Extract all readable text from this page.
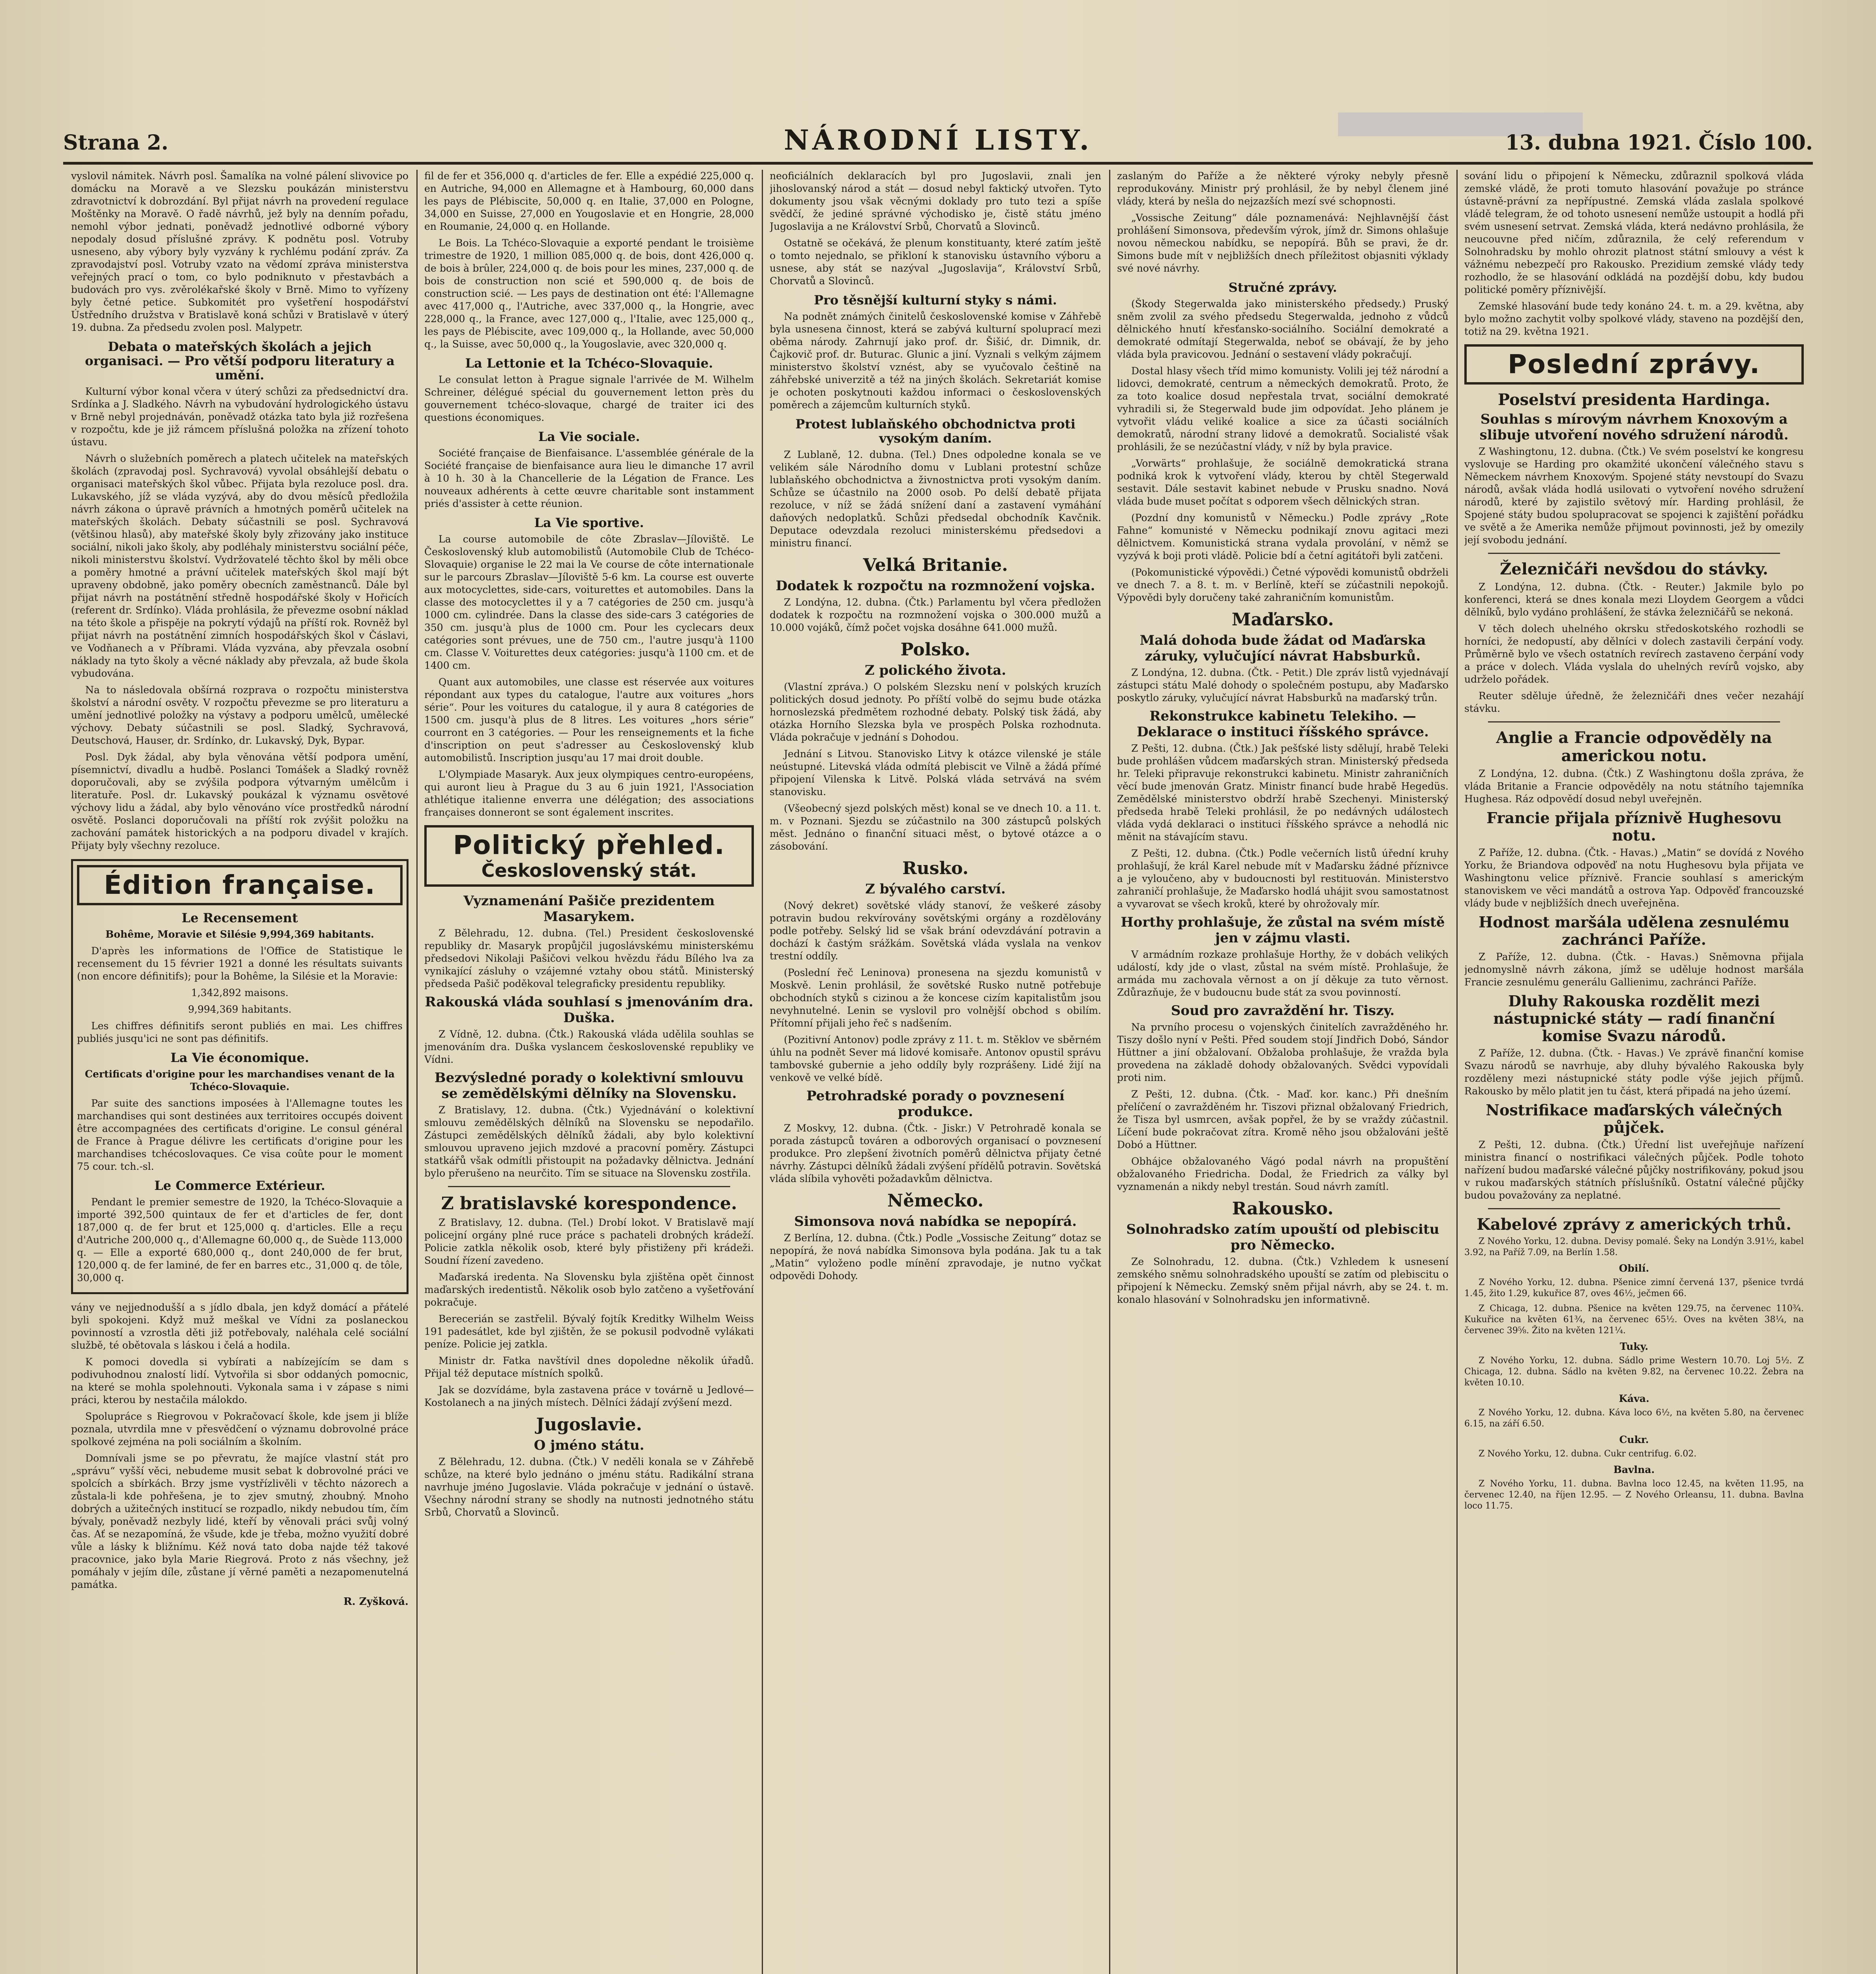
Strana 2.	NÁRODNÍ LISTY.	13. dubna 1921. Číslo 100.

vyslovil námitek. Návrh posl. Šamalíka na volné pálení slivovice po domácku na Moravě a ve Slezsku poukázán ministerstvu zdravotnictví k dobrozdání. Byl přijat návrh na provedení regulace Moštěnky na Moravě. O řadě návrhů, jež byly na denním pořadu, nemohl výbor jednati, poněvadž jednotlivé odborné výbory nepodaly dosud příslušné zprávy. K podnětu posl. Votruby usneseno, aby výbory byly vyzvány k rychlému podání zpráv. Za zpravodajství posl. Votruby vzato na vědomí zpráva ministerstva veřejných prací o tom, co bylo podniknuto v přestavbách a budovách pro vys. zvěrolékařské školy v Brně. Mimo to vyřízeny byly četné petice. Subkomitét pro vyšetření hospodářství Ústředního družstva v Bratislavě koná schůzi v Bratislavě v úterý 19. dubna. Za předsedu zvolen posl. Malypetr.

Debata o mateřských školách a jejich organisaci. — Pro větší podporu literatury a umění.

Kulturní výbor konal včera v úterý schůzi za předsednictví dra. Srdínka a J. Sladkého. Návrh na vybudování hydrologického ústavu v Brně nebyl projednáván, poněvadž otázka tato byla již rozřešena v rozpočtu, kde je již rámcem příslušná položka na zřízení tohoto ústavu.

Návrh o služebních poměrech a platech učitelek na mateřských školách (zpravodaj posl. Sychravová) vyvolal obsáhlejší debatu o organisaci mateřských škol vůbec. Přijata byla rezoluce posl. dra. Lukavského, jíž se vláda vyzývá, aby do dvou měsíců předložila návrh zákona o úpravě právních a hmotných poměrů učitelek na mateřských školách. Debaty súčastnili se posl. Sychravová (většinou hlasů), aby mateřské školy byly zřizovány jako instituce sociální, nikoli jako školy, aby podléhaly ministerstvu sociální péče, nikoli ministerstvu školství. Vydržovatelé těchto škol by měli obce a poměry hmotné a právní učitelek mateřských škol mají být upraveny obdobně, jako poměry obecních zaměstnanců. Dále byl přijat návrh na postátnění středně hospodářské školy v Hořicích (referent dr. Srdínko). Vláda prohlásila, že převezme osobní náklad na této škole a přispěje na pokrytí výdajů na příští rok. Rovněž byl přijat návrh na postátnění zimních hospodářských škol v Čáslavi, ve Vodňanech a v Příbrami. Vláda vyzvána, aby převzala osobní náklady na tyto školy a věcné náklady aby převzala, až bude škola vybudována.

Na to následovala obšírná rozprava o rozpočtu ministerstva školství a národní osvěty. V rozpočtu převezme se pro literaturu a umění jednotlivé položky na výstavy a podporu umělců, umělecké výchovy. Debaty súčastnili se posl. Sladký, Sychravová, Deutschová, Hauser, dr. Srdínko, dr. Lukavský, Dyk, Bypar.

Posl. Dyk žádal, aby byla věnována větší podpora umění, písemnictví, divadlu a hudbě. Poslanci Tomášek a Sladký rovněž doporučovali, aby se zvýšila podpora výtvarným umělcům i literatuře. Posl. dr. Lukavský poukázal k významu osvětové výchovy lidu a žádal, aby bylo věnováno více prostředků národní osvětě. Poslanci doporučovali na příští rok zvýšit položku na zachování památek historických a na podporu divadel v krajích. Přijaty byly všechny rezoluce.

Édition française.
Le Recensement

Bohême, Moravie et Silésie 9,994,369 habitants.

D'après les informations de l'Office de Statistique le recensement du 15 février 1921 a donné les résultats suivants (non encore définitifs); pour la Bohême, la Silésie et la Moravie:

1,342,892 maisons.

9,994,369 habitants.

Les chiffres définitifs seront publiés en mai. Les chiffres publiés jusqu'ici ne sont pas définitifs.

La Vie économique.

Certificats d'origine pour les marchandises venant de la Tchéco-Slovaquie.

Par suite des sanctions imposées à l'Allemagne toutes les marchandises qui sont destinées aux territoires occupés doivent être accompagnées des certificats d'origine. Le consul général de France à Prague délivre les certificats d'origine pour les marchandises tchécoslovaques. Ce visa coûte pour le moment 75 cour. tch.-sl.

Le Commerce Extérieur.

Pendant le premier semestre de 1920, la Tchéco-Slovaquie a importé 392,500 quintaux de fer et d'articles de fer, dont 187,000 q. de fer brut et 125,000 q. d'articles. Elle a reçu d'Autriche 200,000 q., d'Allemagne 60,000 q., de Suède 113,000 q. — Elle a exporté 680,000 q., dont 240,000 de fer brut, 120,000 q. de fer laminé, de fer en barres etc., 31,000 q. de tôle, 30,000 q.

vány ve nejjednodušší a s jídlo dbala, jen když domácí a přátelé byli spokojeni. Když muž meškal ve Vídni za poslaneckou povinností a vzrostla děti již potřebovaly, naléhala celé sociální službě, té obětovala s láskou i čelá a hodila.

K pomoci dovedla si vybírati a nabízejícím se dam s podivuhodnou znalostí lidí. Vytvořila si sbor oddaných pomocnic, na které se mohla spolehnouti. Vykonala sama i v zápase s nimi práci, kterou by nestačila málokdo.

Spolupráce s Riegrovou v Pokračovací škole, kde jsem ji blíže poznala, utvrdila mne v přesvědčení o významu dobrovolné práce spolkové zejména na poli sociálním a školním.

Domnívali jsme se po převratu, že majíce vlastní stát pro „správu“ vyšší věci, nebudeme musit sebat k dobrovolné práci ve spolcích a sbírkách. Brzy jsme vystřízlivěli v těchto názorech a zůstala-li kde pohřešena, je to zjev smutný, zhoubný. Mnoho dobrých a užitečných institucí se rozpadlo, nikdy nebudou tím, čím bývaly, poněvadž nezbyly lidé, kteří by věnovali práci svůj volný čas. Ať se nezapomíná, že všude, kde je třeba, možno využití dobré vůle a lásky k bližnímu. Kéž nová tato doba najde též takové pracovnice, jako byla Marie Riegrová. Proto z nás všechny, jež pomáhaly v jejím díle, zůstane jí věrné paměti a nezapomenutelná památka.

R. Zyšková.

fil de fer et 356,000 q. d'articles de fer. Elle a expédié 225,000 q. en Autriche, 94,000 en Allemagne et à Hambourg, 60,000 dans les pays de Plébiscite, 50,000 q. en Italie, 37,000 en Pologne, 34,000 en Suisse, 27,000 en Yougoslavie et en Hongrie, 28,000 en Roumanie, 24,000 q. en Hollande.

Le Bois. La Tchéco-Slovaquie a exporté pendant le troisième trimestre de 1920, 1 million 085,000 q. de bois, dont 426,000 q. de bois à brûler, 224,000 q. de bois pour les mines, 237,000 q. de bois de construction non scié et 590,000 q. de bois de construction scié. — Les pays de destination ont été: l'Allemagne avec 417,000 q., l'Autriche, avec 337,000 q., la Hongrie, avec 228,000 q., la France, avec 127,000 q., l'Italie, avec 125,000 q., les pays de Plébiscite, avec 109,000 q., la Hollande, avec 50,000 q., la Suisse, avec 50,000 q., la Yougoslavie, avec 320,000 q.

La Lettonie et la Tchéco-Slovaquie.

Le consulat letton à Prague signale l'arrivée de M. Wilhelm Schreiner, délégué spécial du gouvernement letton près du gouvernement tchéco-slovaque, chargé de traiter ici des questions économiques.

La Vie sociale.

Société française de Bienfaisance. L'assemblée générale de la Société française de bienfaisance aura lieu le dimanche 17 avril à 10 h. 30 à la Chancellerie de la Légation de France. Les nouveaux adhérents à cette œuvre charitable sont instamment priés d'assister à cette réunion.

La Vie sportive.

La course automobile de côte Zbraslav—Jíloviště. Le Československý klub automobilistů (Automobile Club de Tchéco-Slovaquie) organise le 22 mai la Ve course de côte internationale sur le parcours Zbraslav—Jíloviště 5-6 km. La course est ouverte aux motocyclettes, side-cars, voiturettes et automobiles. Dans la classe des motocyclettes il y a 7 catégories de 250 cm. jusqu'à 1000 cm. cylindrée. Dans la classe des side-cars 3 catégories de 350 cm. jusqu'à plus de 1000 cm. Pour les cyclecars deux catégories sont prévues, une de 750 cm., l'autre jusqu'à 1100 cm. Classe V. Voiturettes deux catégories: jusqu'à 1100 cm. et de 1400 cm.

Quant aux automobiles, une classe est réservée aux voitures répondant aux types du catalogue, l'autre aux voitures „hors série“. Pour les voitures du catalogue, il y aura 8 catégories de 1500 cm. jusqu'à plus de 8 litres. Les voitures „hors série“ courront en 3 catégories. — Pour les renseignements et la fiche d'inscription on peut s'adresser au Československý klub automobilistů. Inscription jusqu'au 17 mai droit double.

L'Olympiade Masaryk. Aux jeux olympiques centro-européens, qui auront lieu à Prague du 3 au 6 juin 1921, l'Association athlétique italienne enverra une délégation; des associations françaises donneront se sont également inscrites.

Politický přehled.
Československý stát.

Vyznamenání Pašiče prezidentem Masarykem.

Z Bělehradu, 12. dubna. (Tel.) President československé republiky dr. Masaryk propůjčil jugoslávskému ministerskému předsedovi Nikolaji Pašičovi velkou hvězdu řádu Bílého lva za vynikající zásluhy o vzájemné vztahy obou států. Ministerský předseda Pašič poděkoval telegraficky presidentu republiky.

Rakouská vláda souhlasí s jmenováním dra. Duška.

Z Vídně, 12. dubna. (Čtk.) Rakouská vláda udělila souhlas se jmenováním dra. Duška vyslancem československé republiky ve Vídni.

Bezvýsledné porady o kolektivní smlouvu se zemědělskými dělníky na Slovensku.

Z Bratislavy, 12. dubna. (Čtk.) Vyjednávání o kolektivní smlouvu zemědělských dělníků na Slovensku se nepodařilo. Zástupci zemědělských dělníků žádali, aby bylo kolektivní smlouvou upraveno jejich mzdové a pracovní poměry. Zástupci statkářů však odmítli přistoupit na požadavky dělnictva. Jednání bylo přerušeno na neurčito. Tím se situace na Slovensku zostřila.

Z bratislavské korespondence.

Z Bratislavy, 12. dubna. (Tel.) Drobí lokot. V Bratislavě mají policejní orgány plné ruce práce s pachateli drobných krádeží. Policie zatkla několik osob, které byly přistiženy při krádeži. Soudní řízení zavedeno.

Maďarská iredenta. Na Slovensku byla zjištěna opět činnost maďarských iredentistů. Několik osob bylo zatčeno a vyšetřování pokračuje.

Berecerián se zastřelil. Bývalý fojtík Kreditky Wilhelm Weiss 191 padesátlet, kde byl zjištěn, že se pokusil podvodně vylákati peníze. Policie jej zatkla.

Ministr dr. Fatka navštívil dnes dopoledne několik úřadů. Přijal též deputace místních spolků.

Jak se dozvídáme, byla zastavena práce v továrně u Jedlové—Kostolanech a na jiných místech. Dělníci žádají zvýšení mezd.

Jugoslavie.

O jméno státu.

Z Bělehradu, 12. dubna. (Čtk.) V neděli konala se v Záhřebě schůze, na které bylo jednáno o jménu státu. Radikální strana navrhuje jméno Jugoslavie. Vláda pokračuje v jednání o ústavě. Všechny národní strany se shodly na nutnosti jednotného státu Srbů, Chorvatů a Slovinců.

neoficiálních deklaracích byl pro Jugoslavii, znali jen jihoslovanský národ a stát — dosud nebyl faktický utvořen. Tyto dokumenty jsou však věcnými doklady pro tuto tezi a spíše svědčí, že jediné správné východisko je, čistě státu jméno Jugoslavija a ne Království Srbů, Chorvatů a Slovinců.

Ostatně se očekává, že plenum konstituanty, které zatím ještě o tomto nejednalo, se přikloní k stanovisku ústavního výboru a usnese, aby stát se nazýval „Jugoslavija“, Království Srbů, Chorvatů a Slovinců.

Pro těsnější kulturní styky s námi.

Na podnět známých činitelů československé komise v Záhřebě byla usnesena činnost, která se zabývá kulturní spoluprací mezi oběma národy. Zahrnují jako prof. dr. Šišić, dr. Dimnik, dr. Čajkovič prof. dr. Buturac. Glunic a jiní. Vyznali s velkým zájmem ministerstvo školství vznést, aby se vyučovalo češtině na záhřebské univerzitě a též na jiných školách. Sekretariát komise je ochoten poskytnouti každou informaci o československých poměrech a zájemcům kulturních styků.

Protest lublaňského obchodnictva proti vysokým daním.

Z Lublaně, 12. dubna. (Tel.) Dnes odpoledne konala se ve velikém sále Národního domu v Lublani protestní schůze lublaňského obchodnictva a živnostnictva proti vysokým daním. Schůze se účastnilo na 2000 osob. Po delší debatě přijata rezoluce, v níž se žádá snížení daní a zastavení vymáhání daňových nedoplatků. Schůzi předsedal obchodník Kavčnik. Deputace odevzdala rezoluci ministerskému předsedovi a ministru financí.

Velká Britanie.

Dodatek k rozpočtu na rozmnožení vojska.

Z Londýna, 12. dubna. (Čtk.) Parlamentu byl včera předložen dodatek k rozpočtu na rozmnožení vojska o 300.000 mužů a 10.000 vojáků, čímž počet vojska dosáhne 641.000 mužů.

Polsko.

Z polického života.

(Vlastní zpráva.) O polském Slezsku není v polských kruzích politických dosud jednoty. Po příští volbě do sejmu bude otázka hornoslezská předmětem rozhodné debaty. Polský tisk žádá, aby otázka Horního Slezska byla ve prospěch Polska rozhodnuta. Vláda pokračuje v jednání s Dohodou.

Jednání s Litvou. Stanovisko Litvy k otázce vilenské je stále neústupné. Litevská vláda odmítá plebiscit ve Vilně a žádá přímé připojení Vilenska k Litvě. Polská vláda setrvává na svém stanovisku.

(Všeobecný sjezd polských měst) konal se ve dnech 10. a 11. t. m. v Poznani. Sjezdu se zúčastnilo na 300 zástupců polských měst. Jednáno o finanční situaci měst, o bytové otázce a o zásobování.

Rusko.

Z bývalého carství.

(Nový dekret) sovětské vlády stanoví, že veškeré zásoby potravin budou rekvírovány sovětskými orgány a rozdělovány podle potřeby. Selský lid se však brání odevzdávání potravin a dochází k častým srážkám. Sovětská vláda vyslala na venkov trestní oddíly.

(Poslední řeč Leninova) pronesena na sjezdu komunistů v Moskvě. Lenin prohlásil, že sovětské Rusko nutně potřebuje obchodních styků s cizinou a že koncese cizím kapitalistům jsou nevyhnutelné. Lenin se vyslovil pro volnější obchod s obilím. Přítomní přijali jeho řeč s nadšením.

(Pozitivní Antonov) podle zprávy z 11. t. m. Stěklov ve sběrném úhlu na podnět Sever má lidové komisaře. Antonov opustil správu tambovské gubernie a jeho oddíly byly rozprášeny. Lidé žijí na venkově ve velké bídě.

Petrohradské porady o povznesení produkce.

Z Moskvy, 12. dubna. (Čtk. - Jiskr.) V Petrohradě konala se porada zástupců továren a odborových organisací o povznesení produkce. Pro zlepšení životních poměrů dělnictva přijaty četné návrhy. Zástupci dělníků žádali zvýšení přídělů potravin. Sovětská vláda slíbila vyhověti požadavkům dělnictva.

Německo.

Simonsova nová nabídka se nepopírá.

Z Berlína, 12. dubna. (Čtk.) Podle „Vossische Zeitung“ dotaz se nepopírá, že nová nabídka Simonsova byla podána. Jak tu a tak „Matin“ vyloženo podle mínění zpravodaje, je nutno vyčkat odpovědi Dohody.

zaslaným do Paříže a že některé výroky nebyly přesně reprodukovány. Ministr prý prohlásil, že by nebyl členem jiné vlády, která by nešla do nejzazších mezí své schopnosti.

„Vossische Zeitung“ dále poznamenává: Nejhlavnější část prohlášení Simonsova, především výrok, jímž dr. Simons ohlašuje novou německou nabídku, se nepopírá. Bůh se pravi, že dr. Simons bude mít v nejbližších dnech příležitost objasniti výklady své nové návrhy.

Stručné zprávy.

(Škody Stegerwalda jako ministerského předsedy.) Pruský sněm zvolil za svého předsedu Stegerwalda, jednoho z vůdců dělnického hnutí křesťansko-sociálního. Sociální demokraté a demokraté odmítají Stegerwalda, neboť se obávají, že by jeho vláda byla pravicovou. Jednání o sestavení vlády pokračují.

Dostal hlasy všech tříd mimo komunisty. Volili jej též národní a lidovci, demokraté, centrum a německých demokratů. Proto, že za toto koalice dosud nepřestala trvat, sociální demokraté vyhradili si, že Stegerwald bude jim odpovídat. Jeho plánem je vytvořit vládu veliké koalice a sice za účasti sociálních demokratů, národní strany lidové a demokratů. Socialisté však prohlásili, že se nezúčastní vlády, v níž by byla pravice.

„Vorwärts“ prohlašuje, že sociálně demokratická strana podniká krok k vytvoření vlády, kterou by chtěl Stegerwald sestavit. Dále sestavit kabinet nebude v Prusku snadno. Nová vláda bude muset počítat s odporem všech dělnických stran.

(Pozdní dny komunistů v Německu.) Podle zprávy „Rote Fahne“ komunisté v Německu podnikají znovu agitaci mezi dělnictvem. Komunistická strana vydala provolání, v němž se vyzývá k boji proti vládě. Policie bdí a četní agitátoři byli zatčeni.

(Pokomunistické výpovědi.) Četné výpovědi komunistů obdrželi ve dnech 7. a 8. t. m. v Berlíně, kteří se zúčastnili nepokojů. Výpovědi byly doručeny také zahraničním komunistům.

Maďarsko.

Malá dohoda bude žádat od Maďarska záruky, vylučující návrat Habsburků.

Z Londýna, 12. dubna. (Čtk. - Petit.) Dle zpráv listů vyjednávají zástupci státu Malé dohody o společném postupu, aby Maďarsko poskytlo záruky, vylučující návrat Habsburků na maďarský trůn.

Rekonstrukce kabinetu Telekiho. — Deklarace o instituci říšského správce.

Z Pešti, 12. dubna. (Čtk.) Jak pešťské listy sdělují, hrabě Teleki bude prohlášen vůdcem maďarských stran. Ministerský předseda hr. Teleki připravuje rekonstrukci kabinetu. Ministr zahraničních věcí bude jmenován Gratz. Ministr financí bude hrabě Hegedüs. Zemědělské ministerstvo obdrží hrabě Szechenyi. Ministerský předseda hrabě Teleki prohlásil, že po nedávných událostech vláda vydá deklaraci o instituci říšského správce a nehodlá nic měnit na stávajícím stavu.

Z Pešti, 12. dubna. (Čtk.) Podle večerních listů úřední kruhy prohlašují, že král Karel nebude mít v Maďarsku žádné příznivce a je vyloučeno, aby v budoucnosti byl restituován. Ministerstvo zahraničí prohlašuje, že Maďarsko hodlá uhájit svou samostatnost a vyvarovat se všech kroků, které by ohrožovaly mír.

Horthy prohlašuje, že zůstal na svém místě jen v zájmu vlasti.

V armádním rozkaze prohlašuje Horthy, že v dobách velikých událostí, kdy jde o vlast, zůstal na svém místě. Prohlašuje, že armáda mu zachovala věrnost a on jí děkuje za tuto věrnost. Zdůrazňuje, že v budoucnu bude stát za svou povinností.

Soud pro zavraždění hr. Tiszy.

Na prvního procesu o vojenských činitelích zavražděného hr. Tiszy došlo nyní v Pešti. Před soudem stojí Jindřich Dobó, Sándor Hüttner a jiní obžalovaní. Obžaloba prohlašuje, že vražda byla provedena na základě dohody obžalovaných. Svědci vypovídali proti nim.

Z Pešti, 12. dubna. (Čtk. - Maď. kor. kanc.) Při dnešním přelíčení o zavražděném hr. Tiszovi přiznal obžalovaný Friedrich, že Tisza byl usmrcen, avšak popřel, že by se vraždy zúčastnil. Líčení bude pokračovat zítra. Kromě něho jsou obžalováni ještě Dobó a Hüttner.

Obhájce obžalovaného Vágó podal návrh na propuštění obžalovaného Friedricha. Dodal, že Friedrich za války byl vyznamenán a nikdy nebyl trestán. Soud návrh zamítl.

Rakousko.

Solnohradsko zatím upouští od plebiscitu pro Německo.

Ze Solnohradu, 12. dubna. (Čtk.) Vzhledem k usnesení zemského sněmu solnohradského upouští se zatím od plebiscitu o připojení k Německu. Zemský sněm přijal návrh, aby se 24. t. m. konalo hlasování v Solnohradsku jen informativně.

sování lidu o připojení k Německu, zdůraznil spolková vláda zemské vládě, že proti tomuto hlasování považuje po stránce ústavně-právní za nepřípustné. Zemská vláda zaslala spolkové vládě telegram, že od tohoto usnesení nemůže ustoupit a hodlá při svém usnesení setrvat. Zemská vláda, která nedávno prohlásila, že neucouvne před ničím, zdůraznila, že celý referendum v Solnohradsku by mohlo ohrozit platnost státní smlouvy a vést k vážnému nebezpečí pro Rakousko. Prezidium zemské vlády tedy rozhodlo, že se hlasování odkládá na pozdější dobu, kdy budou politické poměry příznivější.

Zemské hlasování bude tedy konáno 24. t. m. a 29. května, aby bylo možno zachytit volby spolkové vlády, staveno na pozdější den, totiž na 29. května 1921.

Poslední zprávy.

Poselství presidenta Hardinga.

Souhlas s mírovým návrhem Knoxovým a slibuje utvoření nového sdružení národů.

Z Washingtonu, 12. dubna. (Čtk.) Ve svém poselství ke kongresu vyslovuje se Harding pro okamžité ukončení válečného stavu s Německem návrhem Knoxovým. Spojené státy nevstoupí do Svazu národů, avšak vláda hodlá usilovati o vytvoření nového sdružení národů, které by zajistilo světový mír. Harding prohlásil, že Spojené státy budou spolupracovat se spojenci k zajištění pořádku ve světě a že Amerika nemůže přijmout povinnosti, jež by omezily její svobodu jednání.

Železničáři nevšdou do stávky.

Z Londýna, 12. dubna. (Čtk. - Reuter.) Jakmile bylo po konferenci, která se dnes konala mezi Lloydem Georgem a vůdci dělníků, bylo vydáno prohlášení, že stávka železničářů se nekoná.

V těch dolech uhelného okrsku středoskotského rozhodli se horníci, že nedopustí, aby dělníci v dolech zastavili čerpání vody. Průměrně bylo ve všech ostatních revírech zastaveno čerpání vody a práce v dolech. Vláda vyslala do uhelných revírů vojsko, aby udrželo pořádek.

Reuter sděluje úředně, že železničáři dnes večer nezahájí stávku.

Anglie a Francie odpověděly na americkou notu.

Z Londýna, 12. dubna. (Čtk.) Z Washingtonu došla zpráva, že vláda Britanie a Francie odpověděly na notu státního tajemníka Hughesa. Ráz odpovědí dosud nebyl uveřejněn.

Francie přijala příznivě Hughesovu notu.

Z Paříže, 12. dubna. (Čtk. - Havas.) „Matin“ se dovídá z Nového Yorku, že Briandova odpověď na notu Hughesovu byla přijata ve Washingtonu velice příznivě. Francie souhlasí s americkým stanoviskem ve věci mandátů a ostrova Yap. Odpověď francouzské vlády bude v nejbližších dnech uveřejněna.

Hodnost maršála udělena zesnulému zachránci Paříže.

Z Paříže, 12. dubna. (Čtk. - Havas.) Sněmovna přijala jednomyslně návrh zákona, jímž se uděluje hodnost maršála Francie zesnulému generálu Gallienimu, zachránci Paříže.

Dluhy Rakouska rozdělit mezi nástupnické státy — radí finanční komise Svazu národů.

Z Paříže, 12. dubna. (Čtk. - Havas.) Ve zprávě finanční komise Svazu národů se navrhuje, aby dluhy bývalého Rakouska byly rozděleny mezi nástupnické státy podle výše jejich příjmů. Rakousko by mělo platit jen tu část, která připadá na jeho území.

Nostrifikace maďarských válečných půjček.

Z Pešti, 12. dubna. (Čtk.) Úřední list uveřejňuje nařízení ministra financí o nostrifikaci válečných půjček. Podle tohoto nařízení budou maďarské válečné půjčky nostrifikovány, pokud jsou v rukou maďarských státních příslušníků. Ostatní válečné půjčky budou považovány za neplatné.

Kabelové zprávy z amerických trhů.

Z Nového Yorku, 12. dubna. Devisy pomalé. Šeky na Londýn 3.91½, kabel 3.92, na Paříž 7.09, na Berlín 1.58.

Obilí.

Z Nového Yorku, 12. dubna. Pšenice zimní červená 137, pšenice tvrdá 1.45, žito 1.29, kukuřice 87, oves 46½, ječmen 66.

Z Chicaga, 12. dubna. Pšenice na květen 129.75, na červenec 110¾. Kukuřice na květen 61¾, na červenec 65½. Oves na květen 38¼, na červenec 39⅝. Žito na květen 121¼.

Tuky.

Z Nového Yorku, 12. dubna. Sádlo prime Western 10.70. Loj 5½. Z Chicaga, 12. dubna. Sádlo na květen 9.82, na červenec 10.22. Žebra na květen 10.10.

Káva.

Z Nového Yorku, 12. dubna. Káva loco 6½, na květen 5.80, na červenec 6.15, na září 6.50.

Cukr.

Z Nového Yorku, 12. dubna. Cukr centrifug. 6.02.

Bavlna.

Z Nového Yorku, 11. dubna. Bavlna loco 12.45, na květen 11.95, na červenec 12.40, na říjen 12.95. — Z Nového Orleansu, 11. dubna. Bavlna loco 11.75.
